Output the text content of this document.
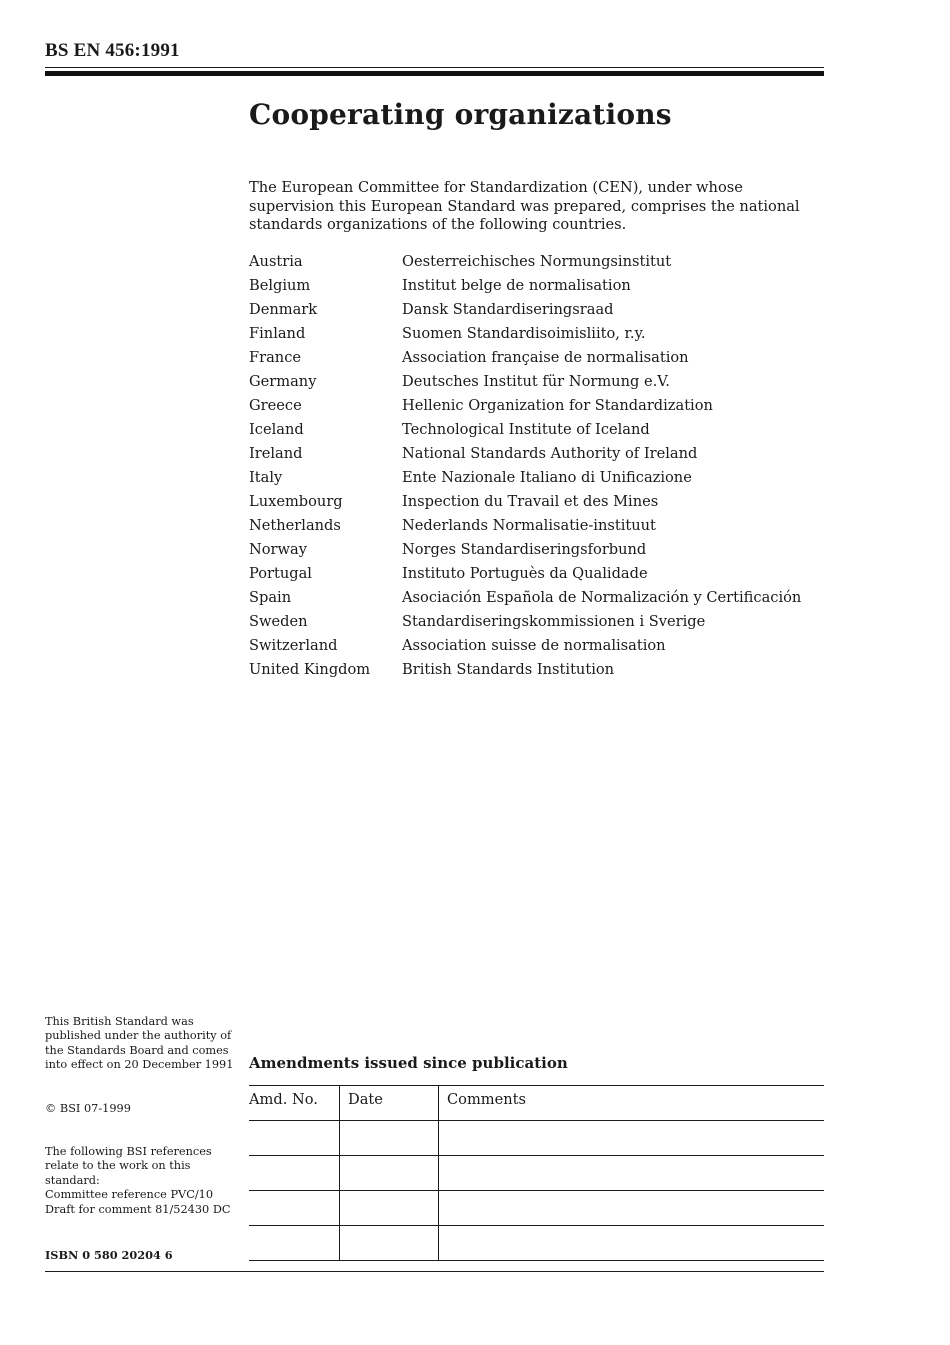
BS EN 456:1991
Cooperating organizations

The European Committee for Standardization (CEN), under whose supervision this European Standard was prepared, comprises the national standards organizations of the following countries.

Austria	Oesterreichisches Normungsinstitut
Belgium	Institut belge de normalisation
Denmark	Dansk Standardiseringsraad
Finland	Suomen Standardisoimisliito, r.y.
France	Association française de normalisation
Germany	Deutsches Institut für Normung e.V.
Greece	Hellenic Organization for Standardization
Iceland	Technological Institute of Iceland
Ireland	National Standards Authority of Ireland
Italy	Ente Nazionale Italiano di Unificazione
Luxembourg	Inspection du Travail et des Mines
Netherlands	Nederlands Normalisatie-instituut
Norway	Norges Standardiseringsforbund
Portugal	Instituto Portuguès da Qualidade
Spain	Asociación Española de Normalización y Certificación
Sweden	Standardiseringskommissionen i Sverige
Switzerland	Association suisse de normalisation
United Kingdom	British Standards Institution

This British Standard was published under the authority of the Standards Board and comes into effect on 20 December 1991

© BSI 07-1999

The following BSI references relate to the work on this standard:
Committee reference PVC/10
Draft for comment 81/52430 DC
ISBN 0 580 20204 6
Amendments issued since publication
Amd. No.	Date	Comments
